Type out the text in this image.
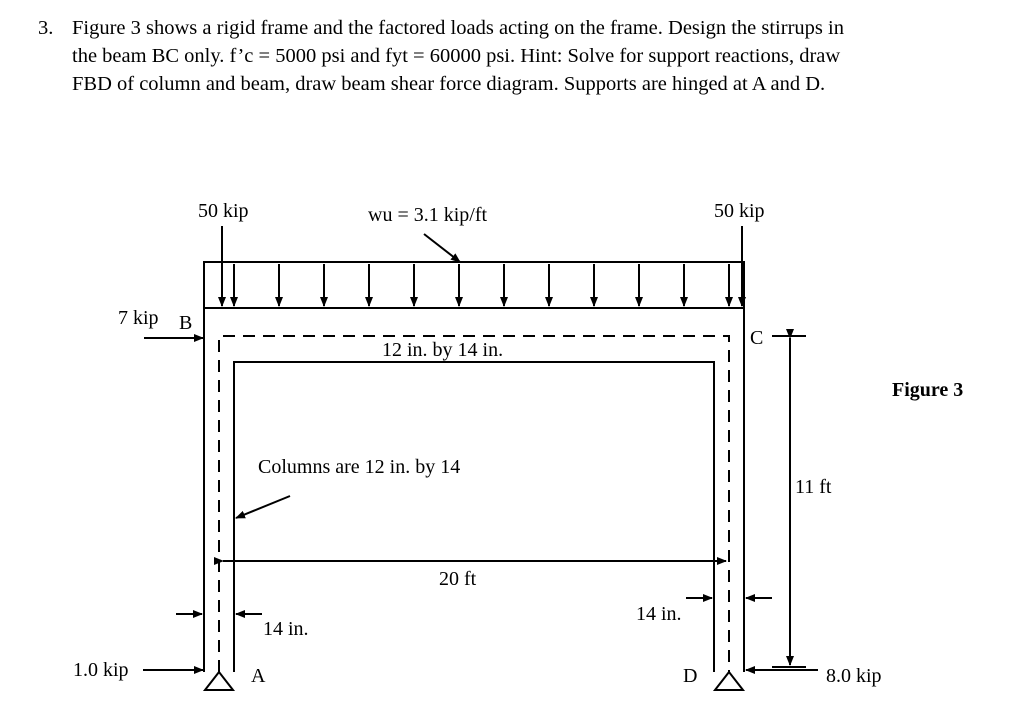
3. Figure 3 shows a rigid frame and the factored loads acting on the frame. Design the stirrups in
the beam BC only. f’c = 5000 psi and fyt = 60000 psi. Hint: Solve for support reactions, draw
FBD of column and beam, draw beam shear force diagram. Supports are hinged at A and D.
50 kip	50 kip
wu = 3.1 kip/ft
7 kip B
C
12 in. by 14 in.
Columns are 12 in. by 14
20 ft
11 ft
14 in.
14 in.
A	D
1.0 kip	8.0 kip
Figure 3
